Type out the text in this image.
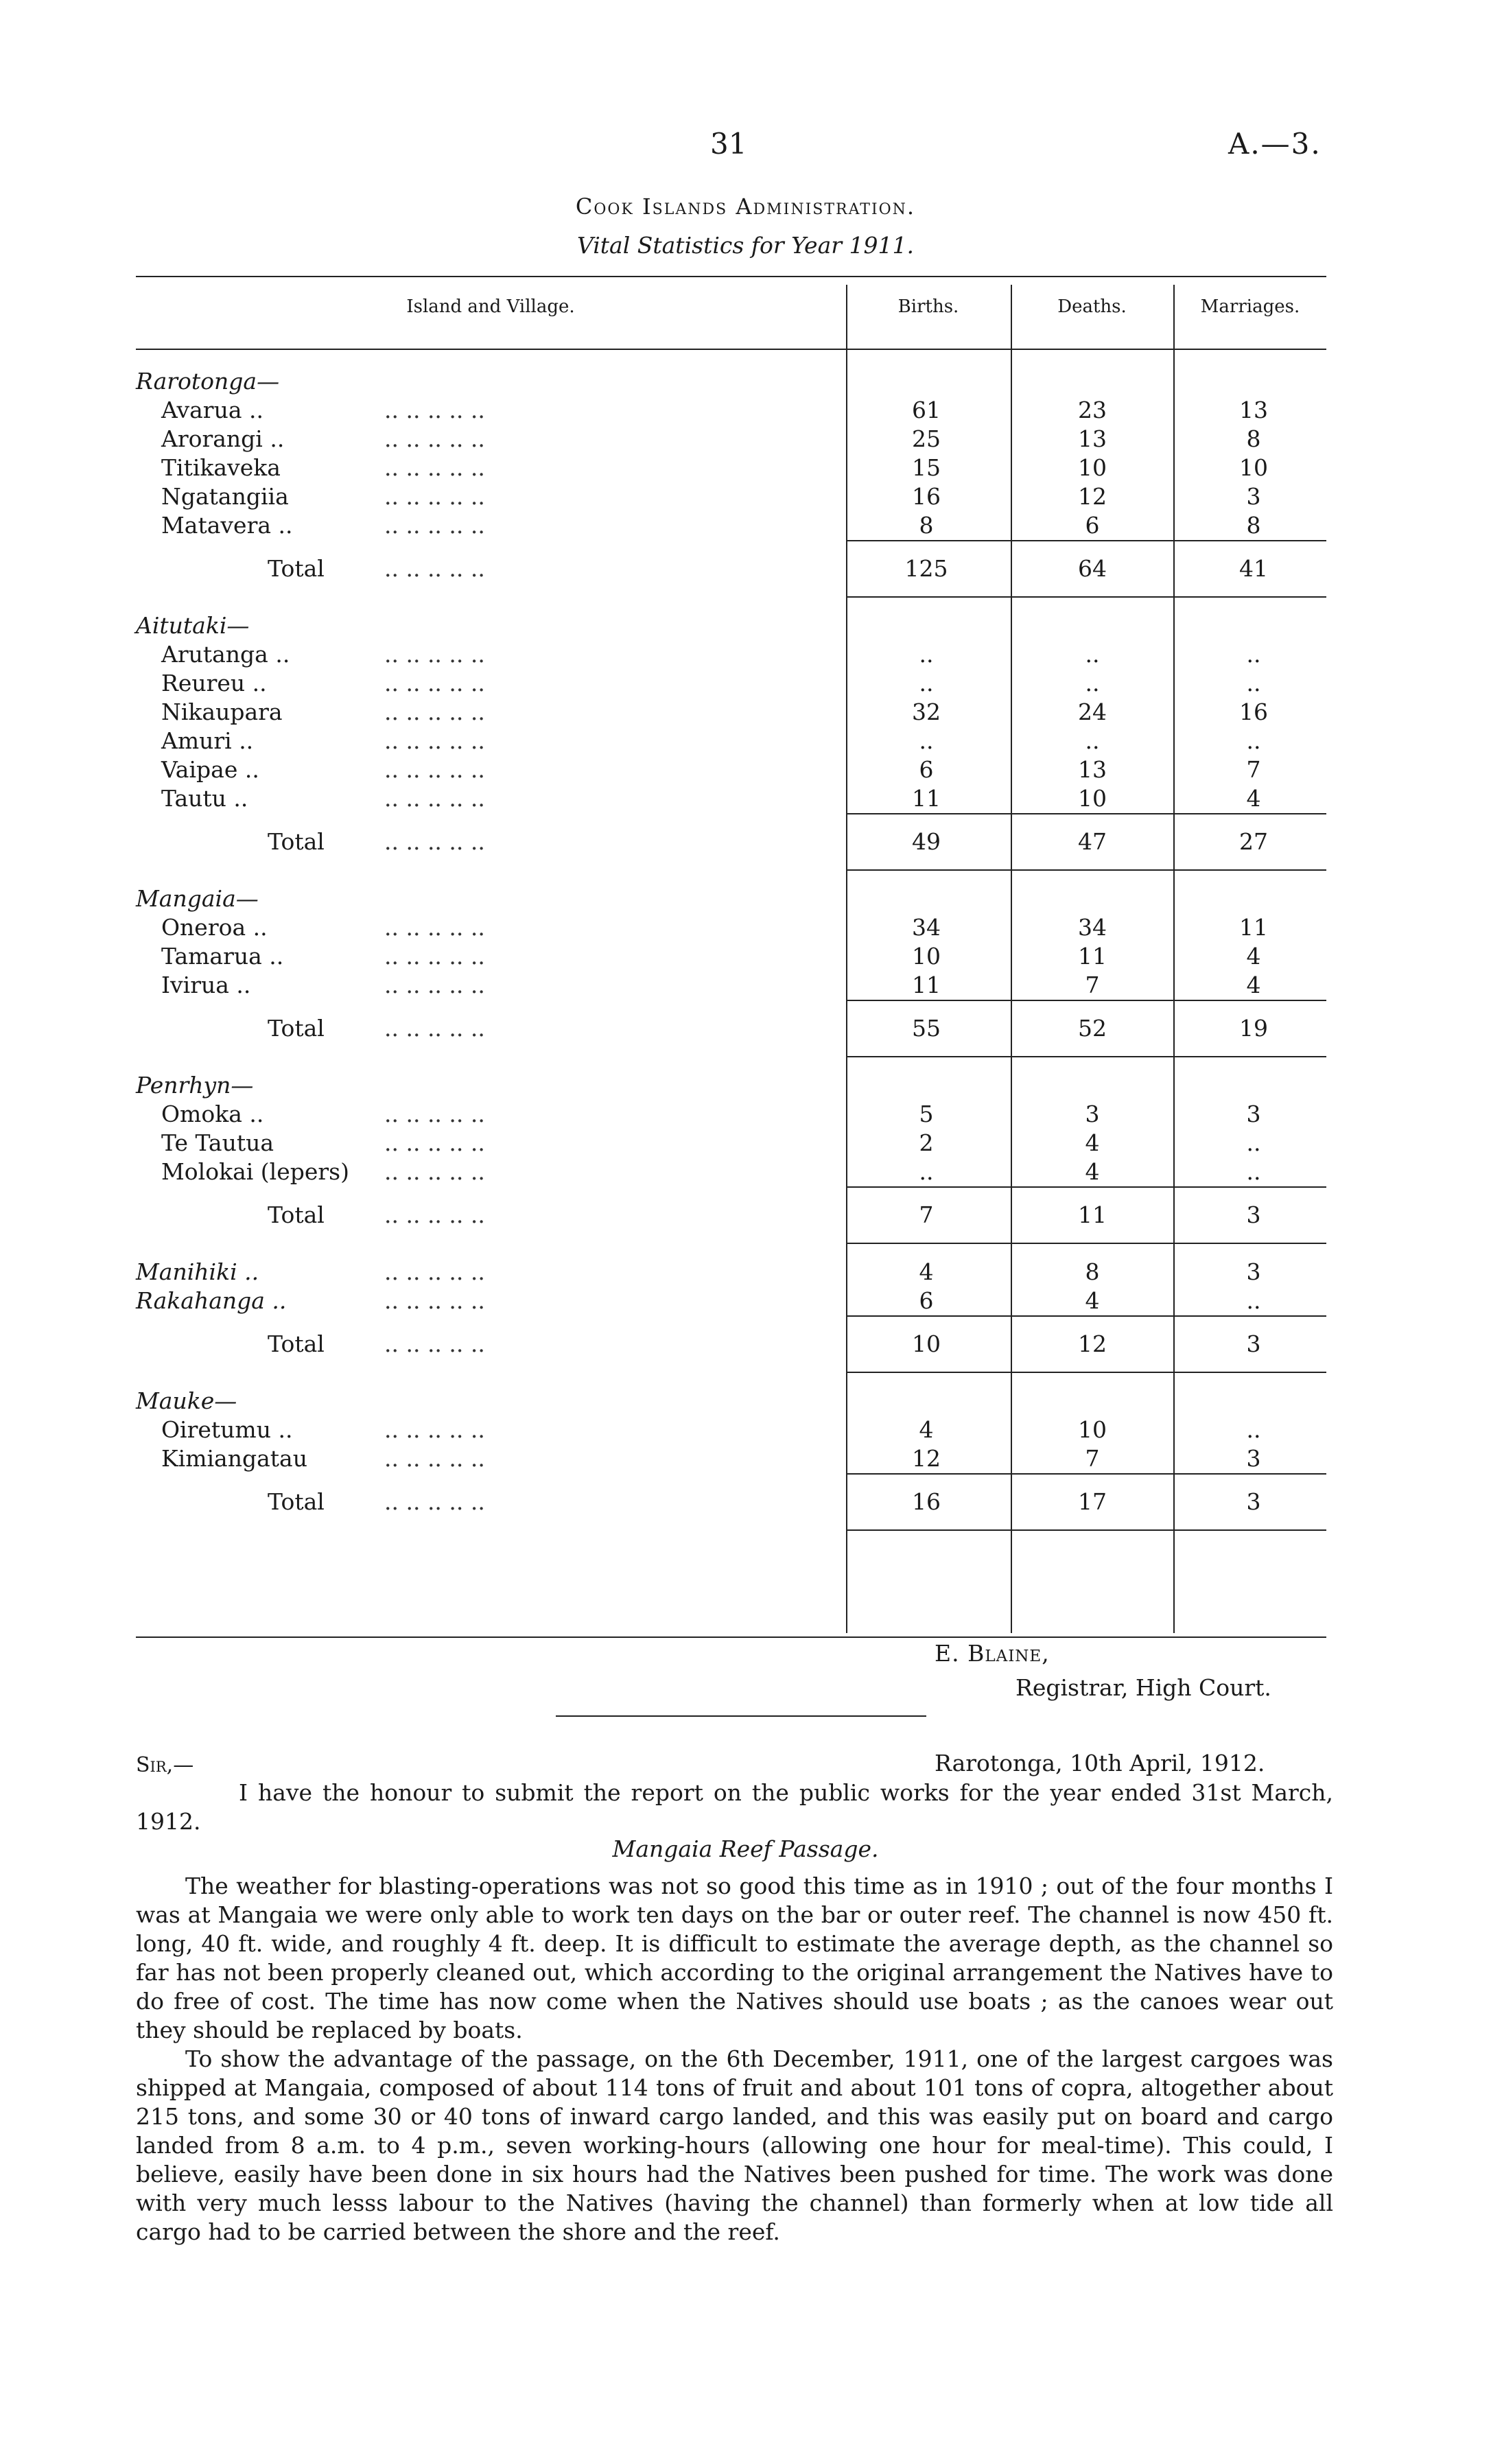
31	A.—3.
Cook Islands Administration.
Vital Statistics for Year 1911.
Island and Village.	Births.	Deaths.	Marriages.
Rarotonga—
Avarua ..	.. .. .. .. ..	61	23	13
Arorangi ..	.. .. .. .. ..	25	13	8
Titikaveka	.. .. .. .. ..	15	10	10
Ngatangiia	.. .. .. .. ..	16	12	3
Matavera ..	.. .. .. .. ..	8	6	8
Total	.. .. .. .. ..	125	64	41
Aitutaki—
Arutanga ..	.. .. .. .. ..	..	..	..
Reureu ..	.. .. .. .. ..	..	..	..
Nikaupara	.. .. .. .. ..	32	24	16
Amuri ..	.. .. .. .. ..	..	..	..
Vaipae ..	.. .. .. .. ..	6	13	7
Tautu ..	.. .. .. .. ..	11	10	4
Total	.. .. .. .. ..	49	47	27
Mangaia—
Oneroa ..	.. .. .. .. ..	34	34	11
Tamarua ..	.. .. .. .. ..	10	11	4
Ivirua ..	.. .. .. .. ..	11	7	4
Total	.. .. .. .. ..	55	52	19
Penrhyn—
Omoka ..	.. .. .. .. ..	5	3	3
Te Tautua	.. .. .. .. ..	2	4	..
Molokai (lepers) .. .. .. .. ..	..	4	..
Total	.. .. .. .. ..	7	11	3
Manihiki ..	.. .. .. .. ..	4	8	3
Rakahanga ..	.. .. .. .. ..	6	4	..
Total	.. .. .. .. ..	10	12	3
Mauke—
Oiretumu ..	.. .. .. .. ..	4	10	..
Kimiangatau	.. .. .. .. ..	12	7	3
Total	.. .. .. .. ..	16	17	3
E. Blaine,
Registrar, High Court.
Sir,—	Rarotonga, 10th April, 1912.
I have the honour to submit the report on the public works for the year ended 31st March, 1912.
Mangaia Reef Passage.
The weather for blasting-operations was not so good this time as in 1910 ; out of the four months I was at Mangaia we were only able to work ten days on the bar or outer reef. The channel is now 450 ft. long, 40 ft. wide, and roughly 4 ft. deep. It is difficult to estimate the average depth, as the channel so far has not been properly cleaned out, which according to the original arrangement the Natives have to do free of cost. The time has now come when the Natives should use boats ; as the canoes wear out they should be replaced by boats.
To show the advantage of the passage, on the 6th December, 1911, one of the largest cargoes was shipped at Mangaia, composed of about 114 tons of fruit and about 101 tons of copra, altogether about 215 tons, and some 30 or 40 tons of inward cargo landed, and this was easily put on board and cargo landed from 8 a.m. to 4 p.m., seven working-hours (allowing one hour for meal-time). This could, I believe, easily have been done in six hours had the Natives been pushed for time. The work was done with very much lesss labour to the Natives (having the channel) than formerly when at low tide all cargo had to be carried between the shore and the reef.
